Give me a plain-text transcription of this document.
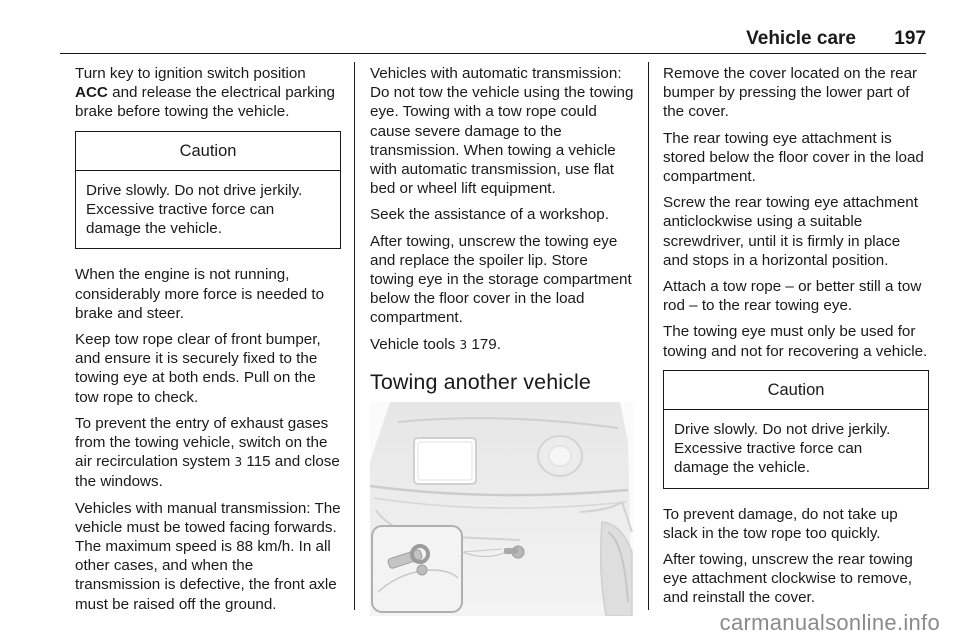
Vehicle care 197

Turn key to ignition switch position ACC and release the electrical parking brake before towing the vehicle.

Caution
Drive slowly. Do not drive jerkily. Excessive tractive force can damage the vehicle.

When the engine is not running, considerably more force is needed to brake and steer.

Keep tow rope clear of front bumper, and ensure it is securely fixed to the towing eye at both ends. Pull on the tow rope to check.

To prevent the entry of exhaust gases from the towing vehicle, switch on the air recirculation system 3 115 and close the windows.

Vehicles with manual transmission: The vehicle must be towed facing forwards. The maximum speed is 88 km/h. In all other cases, and when the transmission is defective, the front axle must be raised off the ground.

Vehicles with automatic transmission: Do not tow the vehicle using the towing eye. Towing with a tow rope could cause severe damage to the transmission. When towing a vehicle with automatic transmission, use flat bed or wheel lift equipment.

Seek the assistance of a workshop.

After towing, unscrew the towing eye and replace the spoiler lip. Store towing eye in the storage compartment below the floor cover in the load compartment.

Vehicle tools 3 179.

Towing another vehicle

Remove the cover located on the rear bumper by pressing the lower part of the cover.

The rear towing eye attachment is stored below the floor cover in the load compartment.

Screw the rear towing eye attachment anticlockwise using a suitable screwdriver, until it is firmly in place and stops in a horizontal position.

Attach a tow rope – or better still a tow rod – to the rear towing eye.

The towing eye must only be used for towing and not for recovering a vehicle.

Caution
Drive slowly. Do not drive jerkily. Excessive tractive force can damage the vehicle.

To prevent damage, do not take up slack in the tow rope too quickly.

After towing, unscrew the rear towing eye attachment clockwise to remove, and reinstall the cover.

carmanualsonline.info
